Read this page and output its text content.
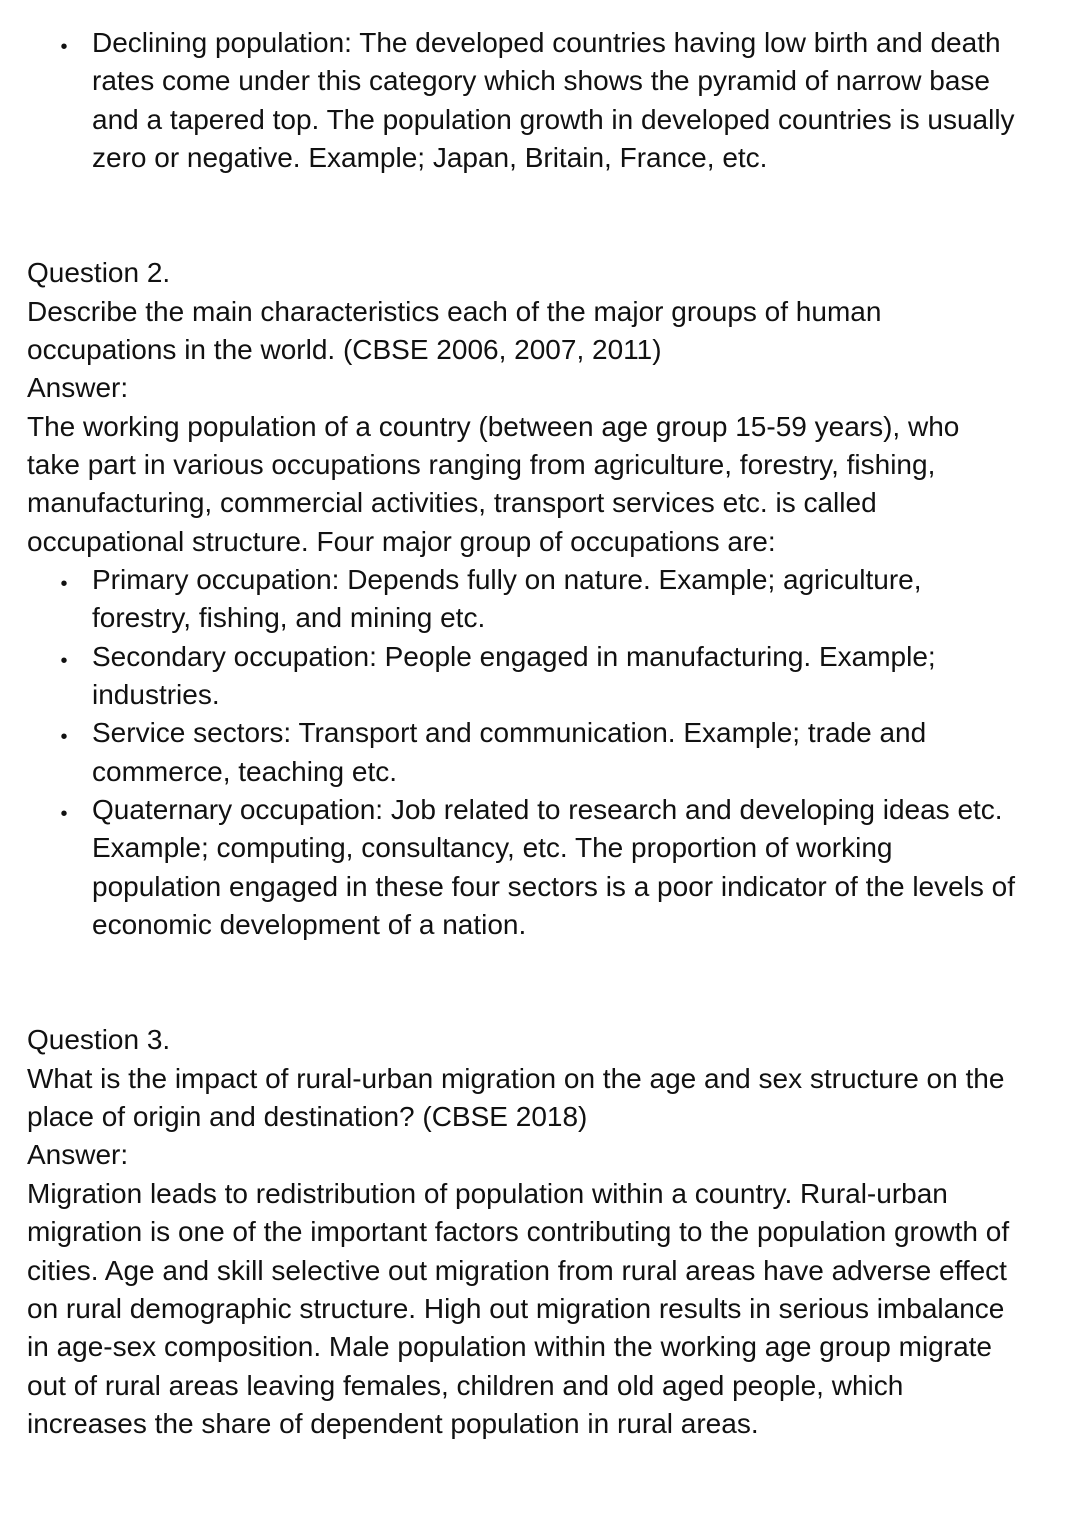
• Declining population: The developed countries having low birth and death
rates come under this category which shows the pyramid of narrow base
and a tapered top. The population growth in developed countries is usually
zero or negative. Example; Japan, Britain, France, etc.
Question 2.
Describe the main characteristics each of the major groups of human
occupations in the world. (CBSE 2006, 2007, 2011)
Answer:
The working population of a country (between age group 15-59 years), who
take part in various occupations ranging from agriculture, forestry, fishing,
manufacturing, commercial activities, transport services etc. is called
occupational structure. Four major group of occupations are:
• Primary occupation: Depends fully on nature. Example; agriculture,
forestry, fishing, and mining etc.
• Secondary occupation: People engaged in manufacturing. Example;
industries.
• Service sectors: Transport and communication. Example; trade and
commerce, teaching etc.
• Quaternary occupation: Job related to research and developing ideas etc.
Example; computing, consultancy, etc. The proportion of working
population engaged in these four sectors is a poor indicator of the levels of
economic development of a nation.
Question 3.
What is the impact of rural-urban migration on the age and sex structure on the
place of origin and destination? (CBSE 2018)
Answer:
Migration leads to redistribution of population within a country. Rural-urban
migration is one of the important factors contributing to the population growth of
cities. Age and skill selective out migration from rural areas have adverse effect
on rural demographic structure. High out migration results in serious imbalance
in age-sex composition. Male population within the working age group migrate
out of rural areas leaving females, children and old aged people, which
increases the share of dependent population in rural areas.
